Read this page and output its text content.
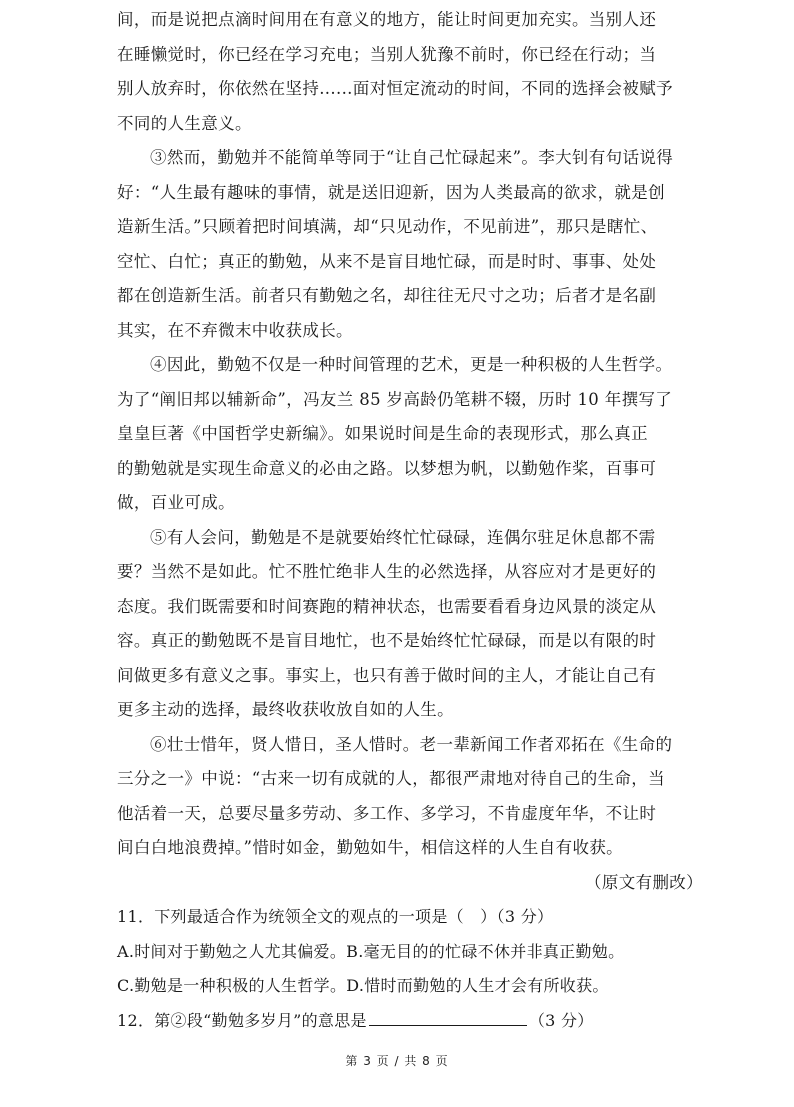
间，而是说把点滴时间用在有意义的地方，能让时间更加充实。当别人还
在睡懒觉时，你已经在学习充电；当别人犹豫不前时，你已经在行动；当
别人放弃时，你依然在坚持......面对恒定流动的时间，不同的选择会被赋予
不同的人生意义。
③然而，勤勉并不能简单等同于“让自己忙碌起来”。李大钊有句话说得
好：“人生最有趣味的事情，就是送旧迎新，因为人类最高的欲求，就是创
造新生活。”只顾着把时间填满，却“只见动作，不见前进”，那只是瞎忙、
空忙、白忙；真正的勤勉，从来不是盲目地忙碌，而是时时、事事、处处
都在创造新生活。前者只有勤勉之名，却往往无尺寸之功；后者才是名副
其实，在不弃微末中收获成长。
④因此，勤勉不仅是一种时间管理的艺术，更是一种积极的人生哲学。
为了“阐旧邦以辅新命”，冯友兰 85 岁高龄仍笔耕不辍，历时 10 年撰写了
皇皇巨著《中国哲学史新编》。如果说时间是生命的表现形式，那么真正
的勤勉就是实现生命意义的必由之路。以梦想为帆，以勤勉作桨，百事可
做，百业可成。
⑤有人会问，勤勉是不是就要始终忙忙碌碌，连偶尔驻足休息都不需
要？当然不是如此。忙不胜忙绝非人生的必然选择，从容应对才是更好的
态度。我们既需要和时间赛跑的精神状态，也需要看看身边风景的淡定从
容。真正的勤勉既不是盲目地忙，也不是始终忙忙碌碌，而是以有限的时
间做更多有意义之事。事实上，也只有善于做时间的主人，才能让自己有
更多主动的选择，最终收获收放自如的人生。
⑥壮士惜年，贤人惜日，圣人惜时。老一辈新闻工作者邓拓在《生命的
三分之一》中说：“古来一切有成就的人，都很严肃地对待自己的生命，当
他活着一天，总要尽量多劳动、多工作、多学习，不肯虚度年华，不让时
间白白地浪费掉。”惜时如金，勤勉如牛，相信这样的人生自有收获。
（原文有删改）
11．下列最适合作为统领全文的观点的一项是（　）（3 分）
A.时间对于勤勉之人尤其偏爱。B.毫无目的的忙碌不休并非真正勤勉。
C.勤勉是一种积极的人生哲学。D.惜时而勤勉的人生才会有所收获。
12．第②段“勤勉多岁月”的意思是	（3 分）
第 3 页 / 共 8 页
